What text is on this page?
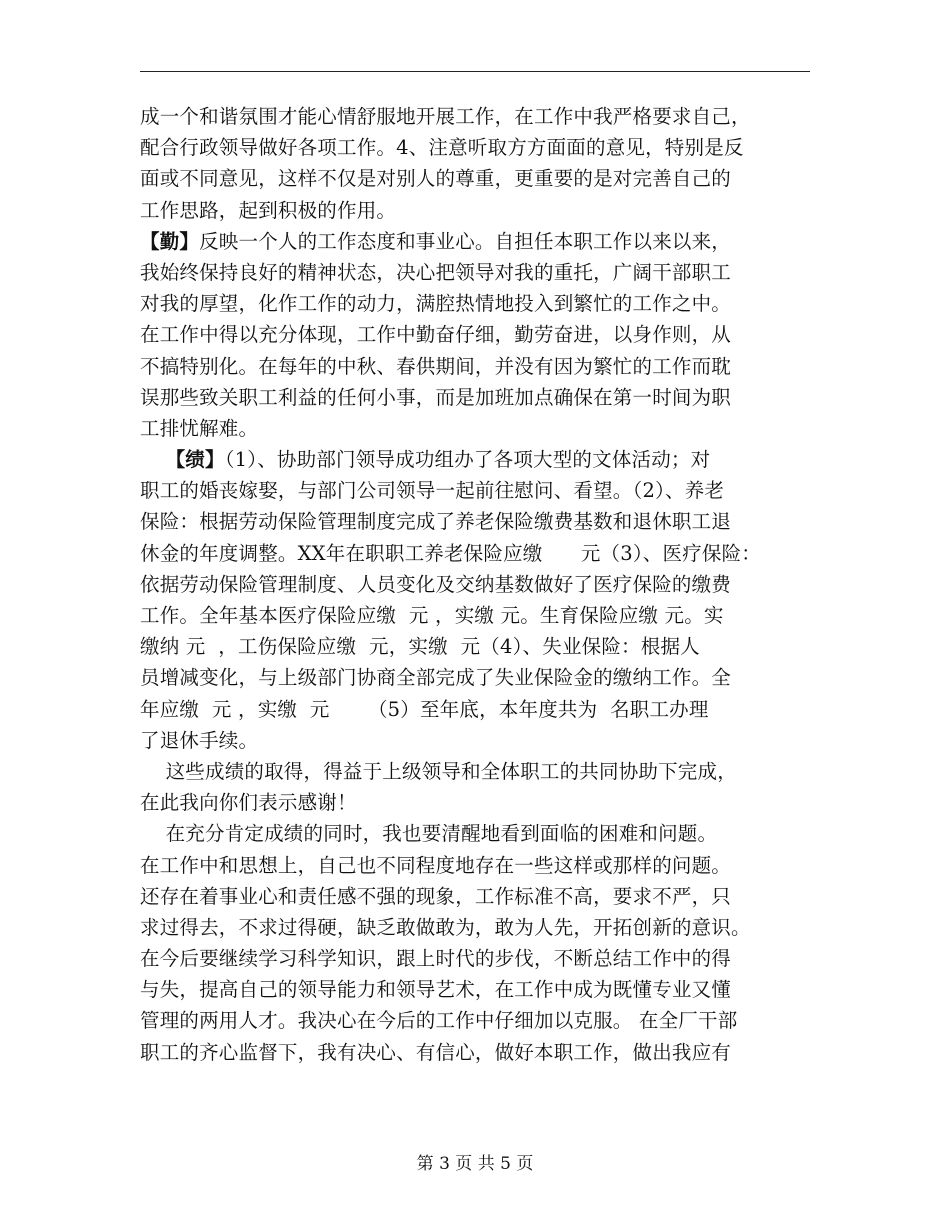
成一个和谐氛围才能心情舒服地开展工作，在工作中我严格要求自己，
配合行政领导做好各项工作。4、注意听取方方面面的意见，特别是反
面或不同意见，这样不仅是对别人的尊重，更重要的是对完善自己的
工作思路，起到积极的作用。
【勤】反映一个人的工作态度和事业心。自担任本职工作以来以来，
我始终保持良好的精神状态，决心把领导对我的重托，广阔干部职工
对我的厚望，化作工作的动力，满腔热情地投入到繁忙的工作之中。
在工作中得以充分体现，工作中勤奋仔细，勤劳奋进，以身作则，从
不搞特别化。在每年的中秋、春供期间，并没有因为繁忙的工作而耽
误那些致关职工利益的任何小事，而是加班加点确保在第一时间为职
工排忧解难。
【绩】（1）、协助部门领导成功组办了各项大型的文体活动；对
职工的婚丧嫁娶，与部门公司领导一起前往慰问、看望。（2）、养老
保险：根据劳动保险管理制度完成了养老保险缴费基数和退休职工退
休金的年度调整。XX年在职职工养老保险应缴      元（3）、医疗保险：
依据劳动保险管理制度、人员变化及交纳基数做好了医疗保险的缴费
工作。全年基本医疗保险应缴  元 ，实缴 元。生育保险应缴 元。实
缴纳 元  ，工伤保险应缴  元，实缴  元（4）、失业保险：根据人
员增减变化，与上级部门协商全部完成了失业保险金的缴纳工作。全
年应缴  元 ，实缴  元      （5）至年底，本年度共为  名职工办理
了退休手续。
这些成绩的取得，得益于上级领导和全体职工的共同协助下完成，
在此我向你们表示感谢！
在充分肯定成绩的同时，我也要清醒地看到面临的困难和问题。
在工作中和思想上，自己也不同程度地存在一些这样或那样的问题。
还存在着事业心和责任感不强的现象，工作标准不高，要求不严，只
求过得去，不求过得硬，缺乏敢做敢为，敢为人先，开拓创新的意识。
在今后要继续学习科学知识，跟上时代的步伐，不断总结工作中的得
与失，提高自己的领导能力和领导艺术，在工作中成为既懂专业又懂
管理的两用人才。我决心在今后的工作中仔细加以克服。 在全厂干部
职工的齐心监督下，我有决心、有信心，做好本职工作，做出我应有
第 3 页 共 5 页
